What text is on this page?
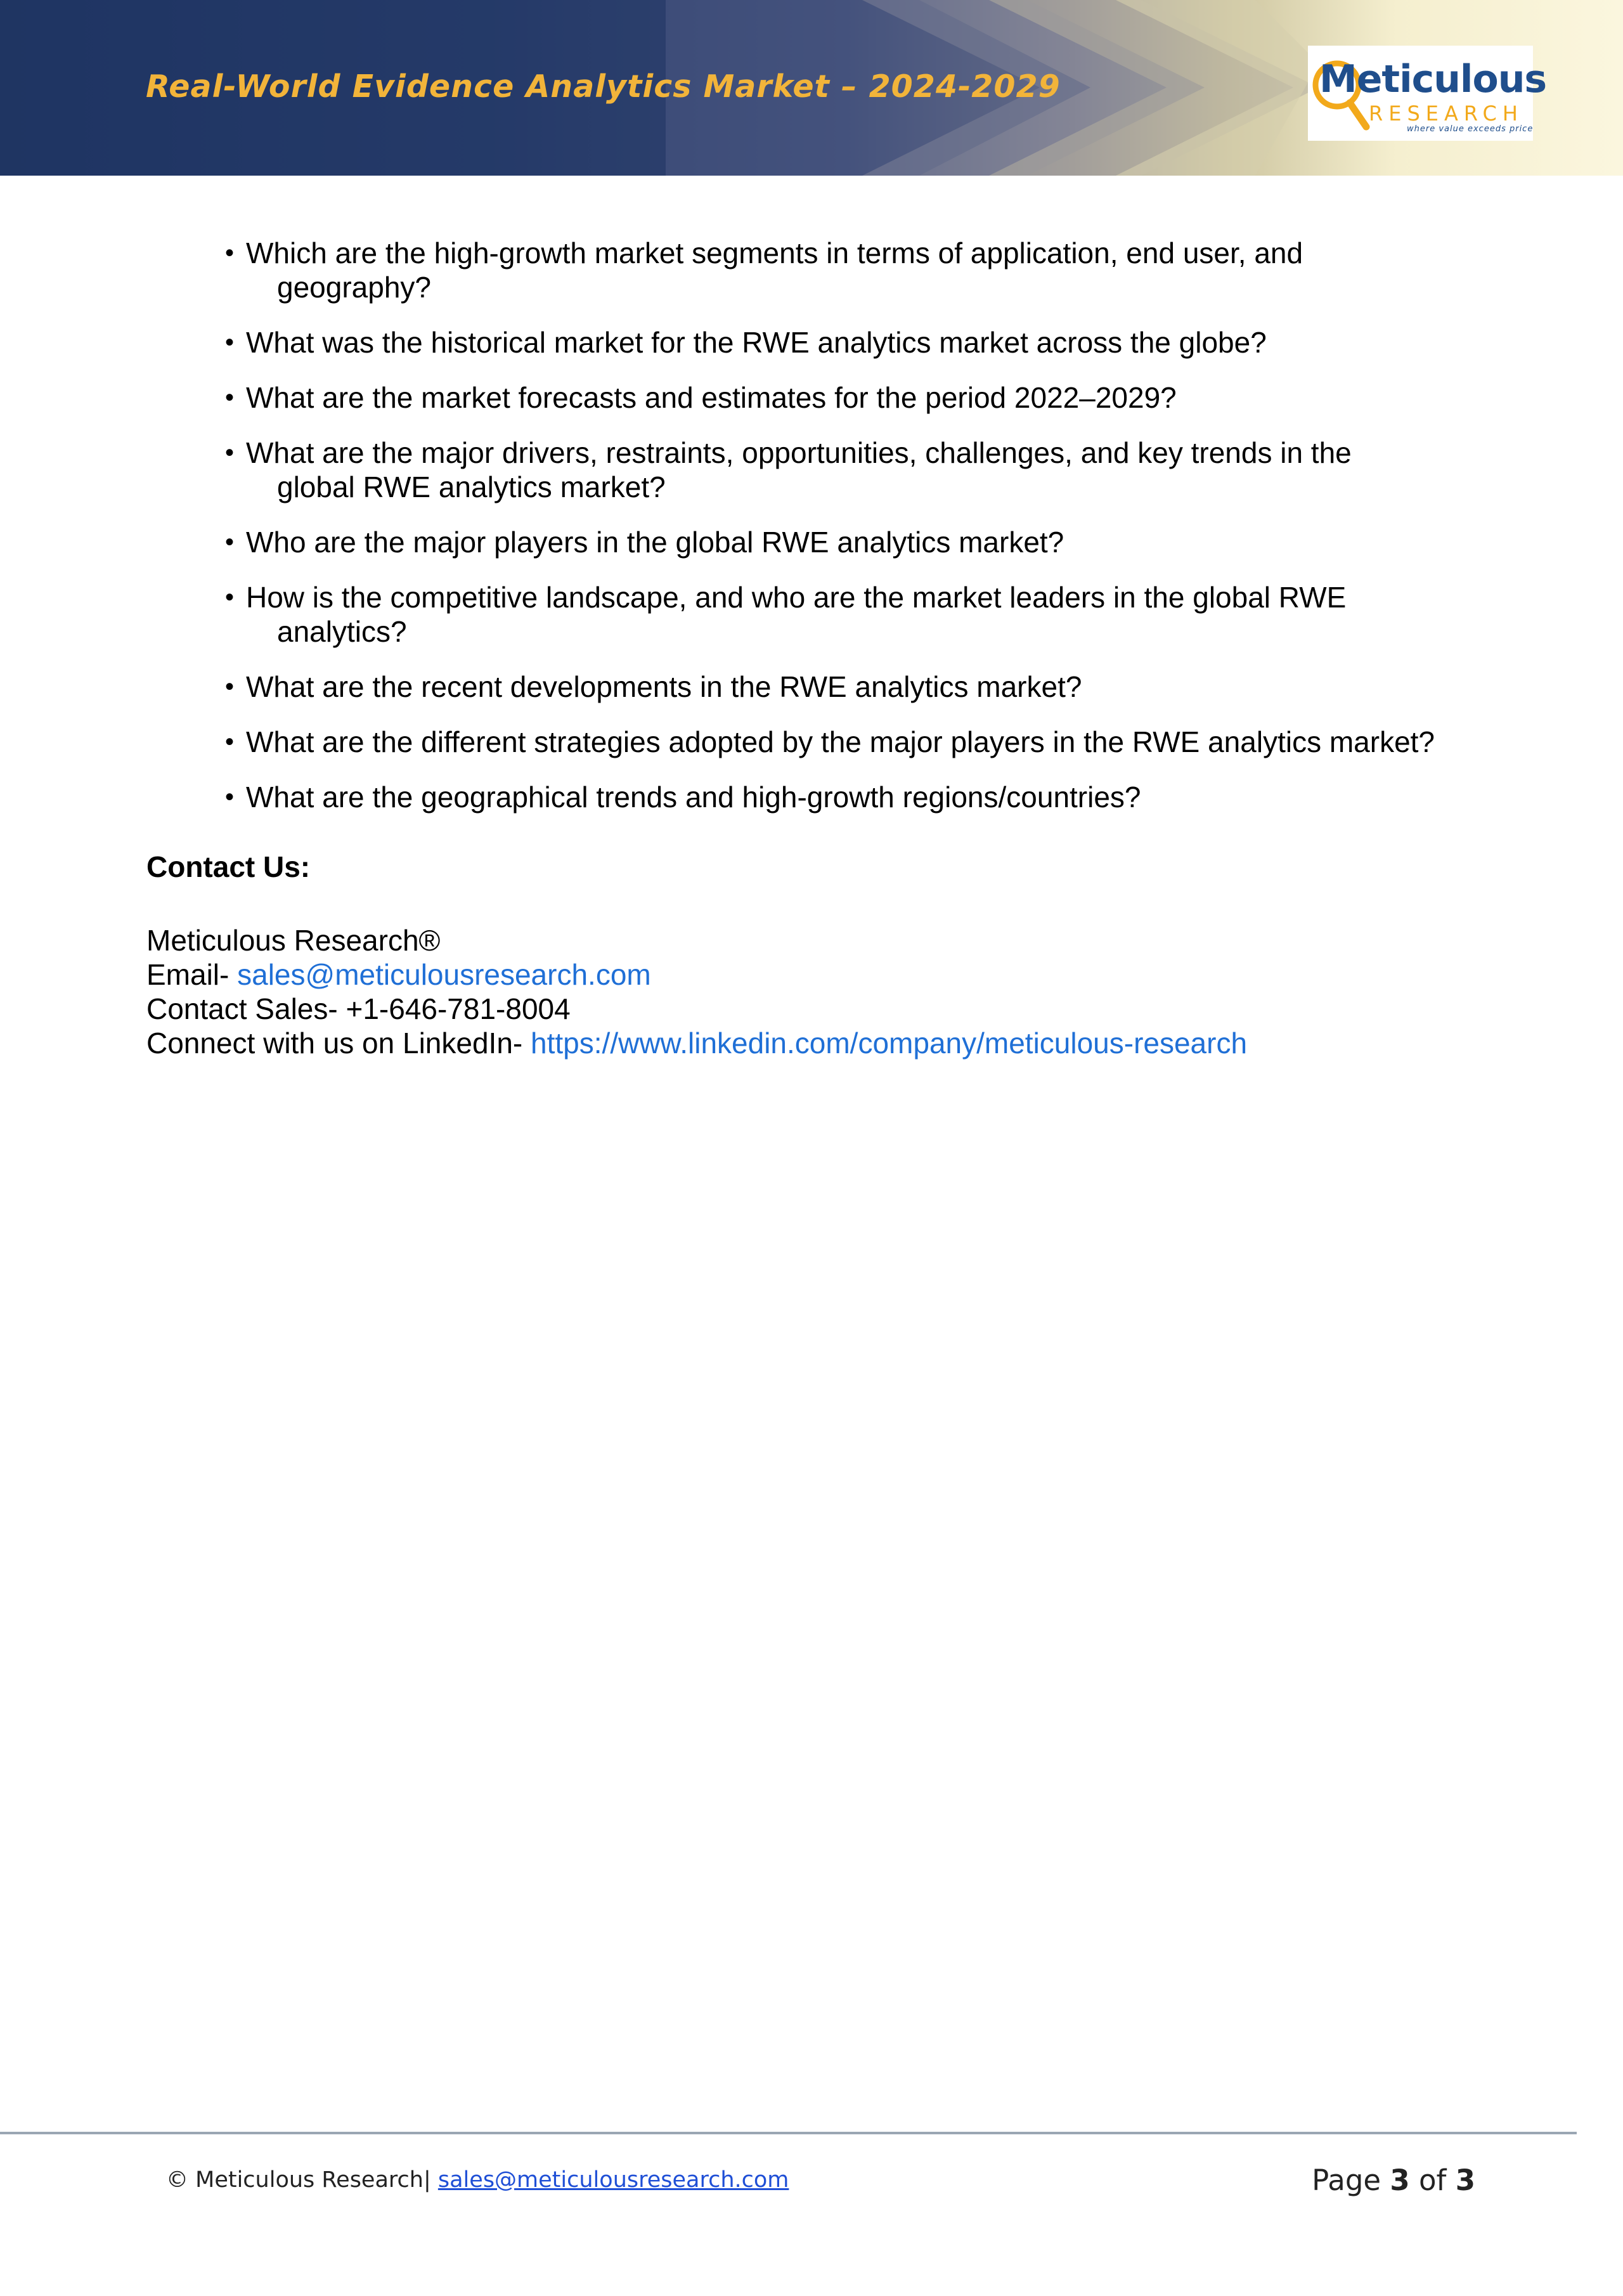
Real-World Evidence Analytics Market – 2024-2029	Meticulous
RESEARCH
where value exceeds price
• Which are the high-growth market segments in terms of application, end user, and
geography?
• What was the historical market for the RWE analytics market across the globe?
• What are the market forecasts and estimates for the period 2022–2029?
• What are the major drivers, restraints, opportunities, challenges, and key trends in the
global RWE analytics market?
• Who are the major players in the global RWE analytics market?
• How is the competitive landscape, and who are the market leaders in the global RWE
analytics?
• What are the recent developments in the RWE analytics market?
• What are the different strategies adopted by the major players in the RWE analytics market?
• What are the geographical trends and high-growth regions/countries?
Contact Us:
Meticulous Research®
Email- sales@meticulousresearch.com
Contact Sales- +1-646-781-8004
Connect with us on LinkedIn- https://www.linkedin.com/company/meticulous-research
© Meticulous Research| sales@meticulousresearch.com	Page 3 of 3
